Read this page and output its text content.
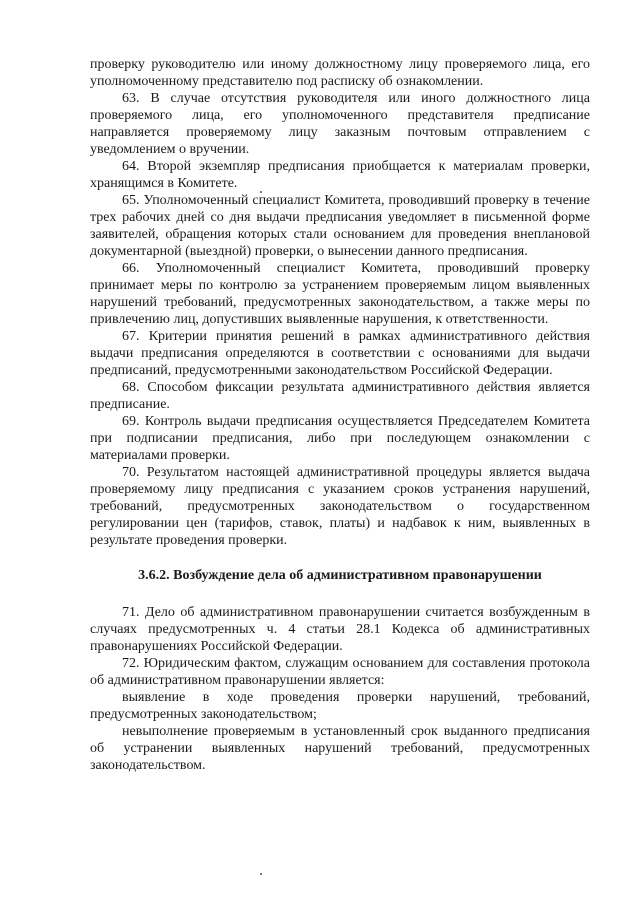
проверку руководителю или иному должностному лицу проверяемого лица, его уполномоченному представителю под расписку об ознакомлении.

63. В случае отсутствия руководителя или иного должностного лица проверяемого лица, его уполномоченного представителя предписание направляется проверяемому лицу заказным почтовым отправлением с уведомлением о вручении.

64. Второй экземпляр предписания приобщается к материалам проверки, хранящимся в Комитете.

65. Уполномоченный специалист Комитета, проводивший проверку в течение трех рабочих дней со дня выдачи предписания уведомляет в письменной форме заявителей, обращения которых стали основанием для проведения внеплановой документарной (выездной) проверки, о вынесении данного предписания.

66. Уполномоченный специалист Комитета, проводивший проверку принимает меры по контролю за устранением проверяемым лицом выявленных нарушений требований, предусмотренных законодательством, а также меры по привлечению лиц, допустивших выявленные нарушения, к ответственности.

67. Критерии принятия решений в рамках административного действия выдачи предписания определяются в соответствии с основаниями для выдачи предписаний, предусмотренными законодательством Российской Федерации.

68. Способом фиксации результата административного действия является предписание.

69. Контроль выдачи предписания осуществляется Председателем Комитета при подписании предписания, либо при последующем ознакомлении с материалами проверки.

70. Результатом настоящей административной процедуры является выдача проверяемому лицу предписания с указанием сроков устранения нарушений, требований, предусмотренных законодательством о государственном регулировании цен (тарифов, ставок, платы) и надбавок к ним, выявленных в результате проведения проверки.

3.6.2. Возбуждение дела об административном правонарушении

71. Дело об административном правонарушении считается возбужденным в случаях предусмотренных ч. 4 статьи 28.1 Кодекса об административных правонарушениях Российской Федерации.

72. Юридическим фактом, служащим основанием для составления протокола об административном правонарушении является:

выявление в ходе проведения проверки нарушений, требований, предусмотренных законодательством;

невыполнение проверяемым в установленный срок выданного предписания об устранении выявленных нарушений требований, предусмотренных законодательством.
